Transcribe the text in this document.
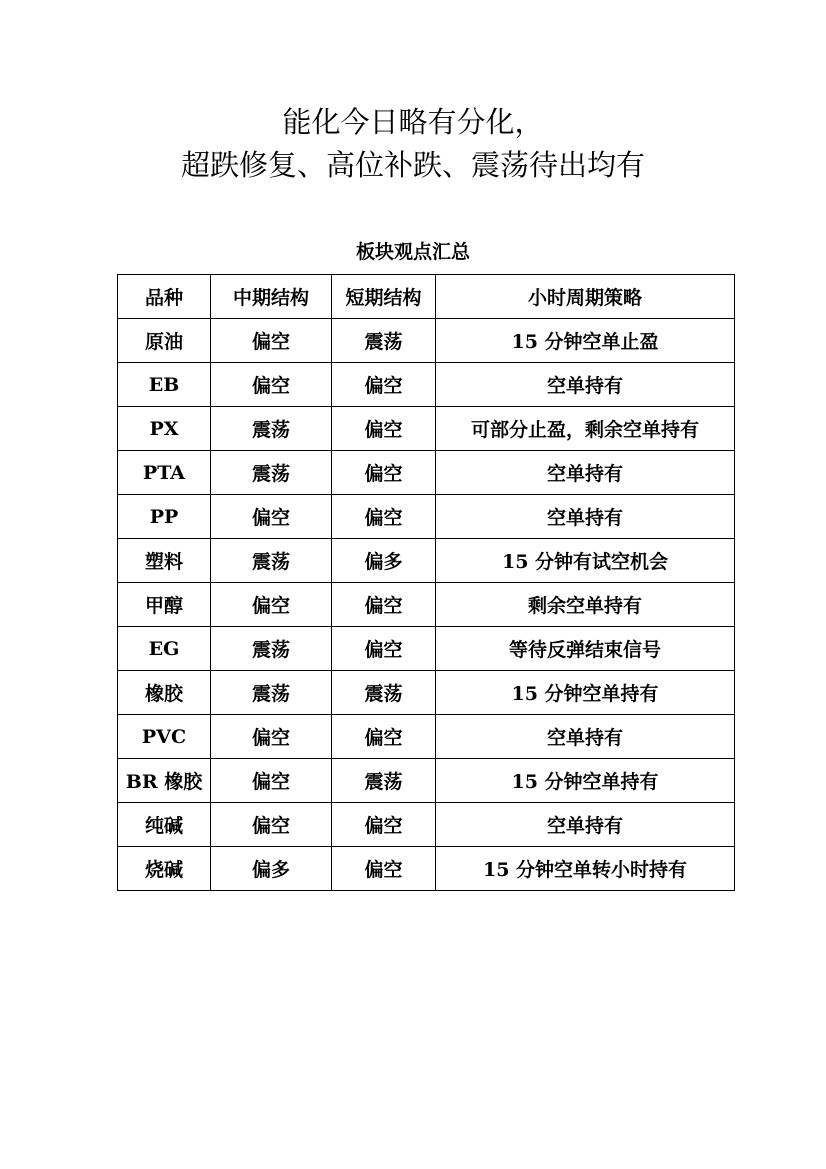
能化今日略有分化，
超跌修复、高位补跌、震荡待出均有
板块观点汇总
品种	中期结构	短期结构	小时周期策略
原油	偏空	震荡	15 分钟空单止盈
EB	偏空	偏空	空单持有
PX	震荡	偏空	可部分止盈，剩余空单持有
PTA	震荡	偏空	空单持有
PP	偏空	偏空	空单持有
塑料	震荡	偏多	15 分钟有试空机会
甲醇	偏空	偏空	剩余空单持有
EG	震荡	偏空	等待反弹结束信号
橡胶	震荡	震荡	15 分钟空单持有
PVC	偏空	偏空	空单持有
BR 橡胶	偏空	震荡	15 分钟空单持有
纯碱	偏空	偏空	空单持有
烧碱	偏多	偏空	15 分钟空单转小时持有
